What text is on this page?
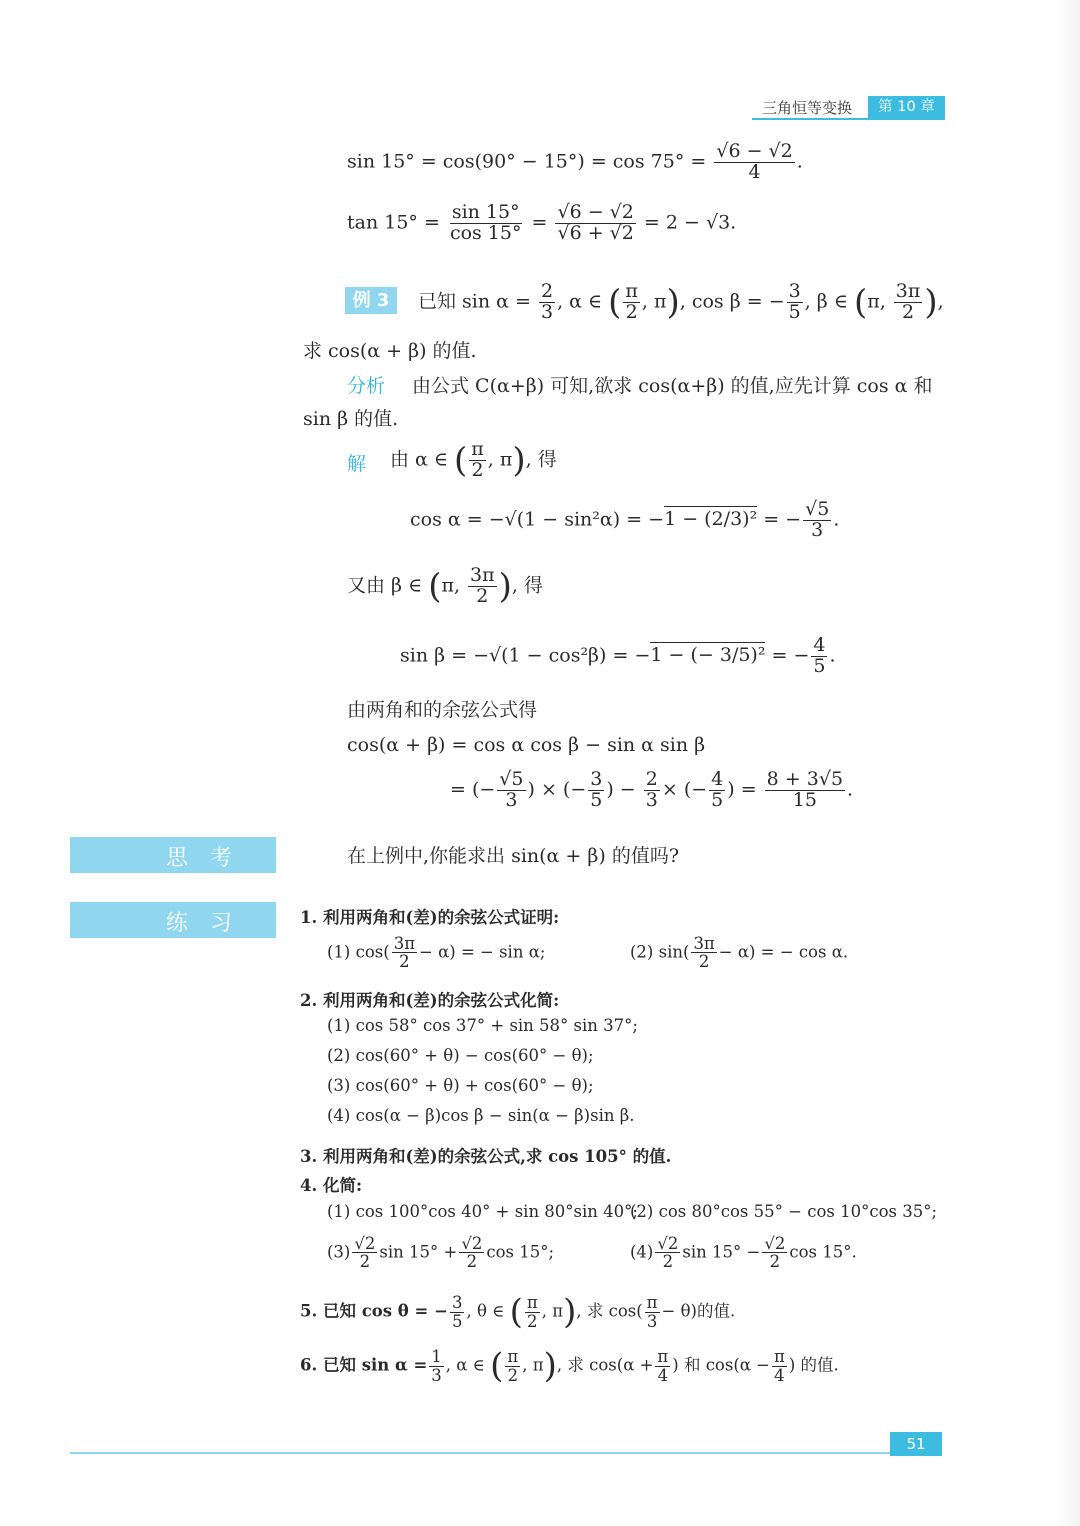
三角恒等变换	第 10 章
$\sin 15^\circ = \cos(90^\circ - 15^\circ) = \cos 75^\circ = \frac{√6 - √2}{4}$ .
$\tan 15^\circ = \frac{\sin 15^\circ}{\cos 15^\circ} = \frac{√6 - √2}{√6 + √2} = 2 - √3$.
例 3	已知 $\sin \alpha = \frac{2}{3}$ , α ∈ ( $\frac{\pi}{2}$ , π), cos β = − $\frac{3}{5}$ , β ∈ (π, $\frac{3\pi}{2}$ ),
求 cos(α + β) 的值.
分析 由公式 C(α+β) 可知,欲求 cos(α+β) 的值,应先计算 cos α 和
sin β 的值.
解 由 α ∈ ( $\frac{\pi}{2}$ , π), 得
cos α = −√(1 − sin²α) = −1 − (2/3)² = − $\frac{√5}{3}$ .
又由 β ∈ (π, $\frac{3\pi}{2}$ ), 得
sin β = −√(1 − cos²β) = −1 − (− 3/5)² = − $\frac{4}{5}$ .
由两角和的余弦公式得
cos(α + β) = cos α cos β − sin α sin β
= (− $\frac{√5}{3}$ ) × (− $\frac{3}{5}$ ) − $\frac{2}{3}$ × (− $\frac{4}{5}$ ) = $\frac{8 + 3√5}{15}$ .
思考	在上例中,你能求出 sin(α + β) 的值吗?
练习	1. 利用两角和(差)的余弦公式证明:
(1) $\cos( \frac{3\pi}{2} - \alpha)$ = − sin α;	(2) $\sin( \frac{3\pi}{2} - \alpha)$ = − cos α.
2. 利用两角和(差)的余弦公式化简:
(1) cos 58° cos 37° + sin 58° sin 37°;
(2) cos(60° + θ) − cos(60° − θ);
(3) cos(60° + θ) + cos(60° − θ);
(4) cos(α − β)cos β − sin(α − β)sin β.
3. 利用两角和(差)的余弦公式,求 cos 105° 的值.
4. 化简:
(1) cos 100°cos 40° + sin 80°sin 40°;
(2) cos 80°cos 55° − cos 10°cos 35°;
$(3) \frac{√2}{2}$ $\sin 15^\circ + \frac{√2}{2}$ cos 15°;	$(4) \frac{√2}{2}$ $\sin 15^\circ - \frac{√2}{2}$ cos 15°.
5. 已知 cos θ = − $\frac{3}{5}$ , θ ∈ ( $\frac{\pi}{2}$ , π), 求 $\cos( \frac{\pi}{3} - \theta)$的值.
6. 已知 $\sin \alpha = \frac{1}{3}$ , α ∈ ( $\frac{\pi}{2}$ , π), 求 $\cos(\alpha + \frac{\pi}{4}$ ) 和 $\cos(\alpha - \frac{\pi}{4}$ ) 的值.
51
